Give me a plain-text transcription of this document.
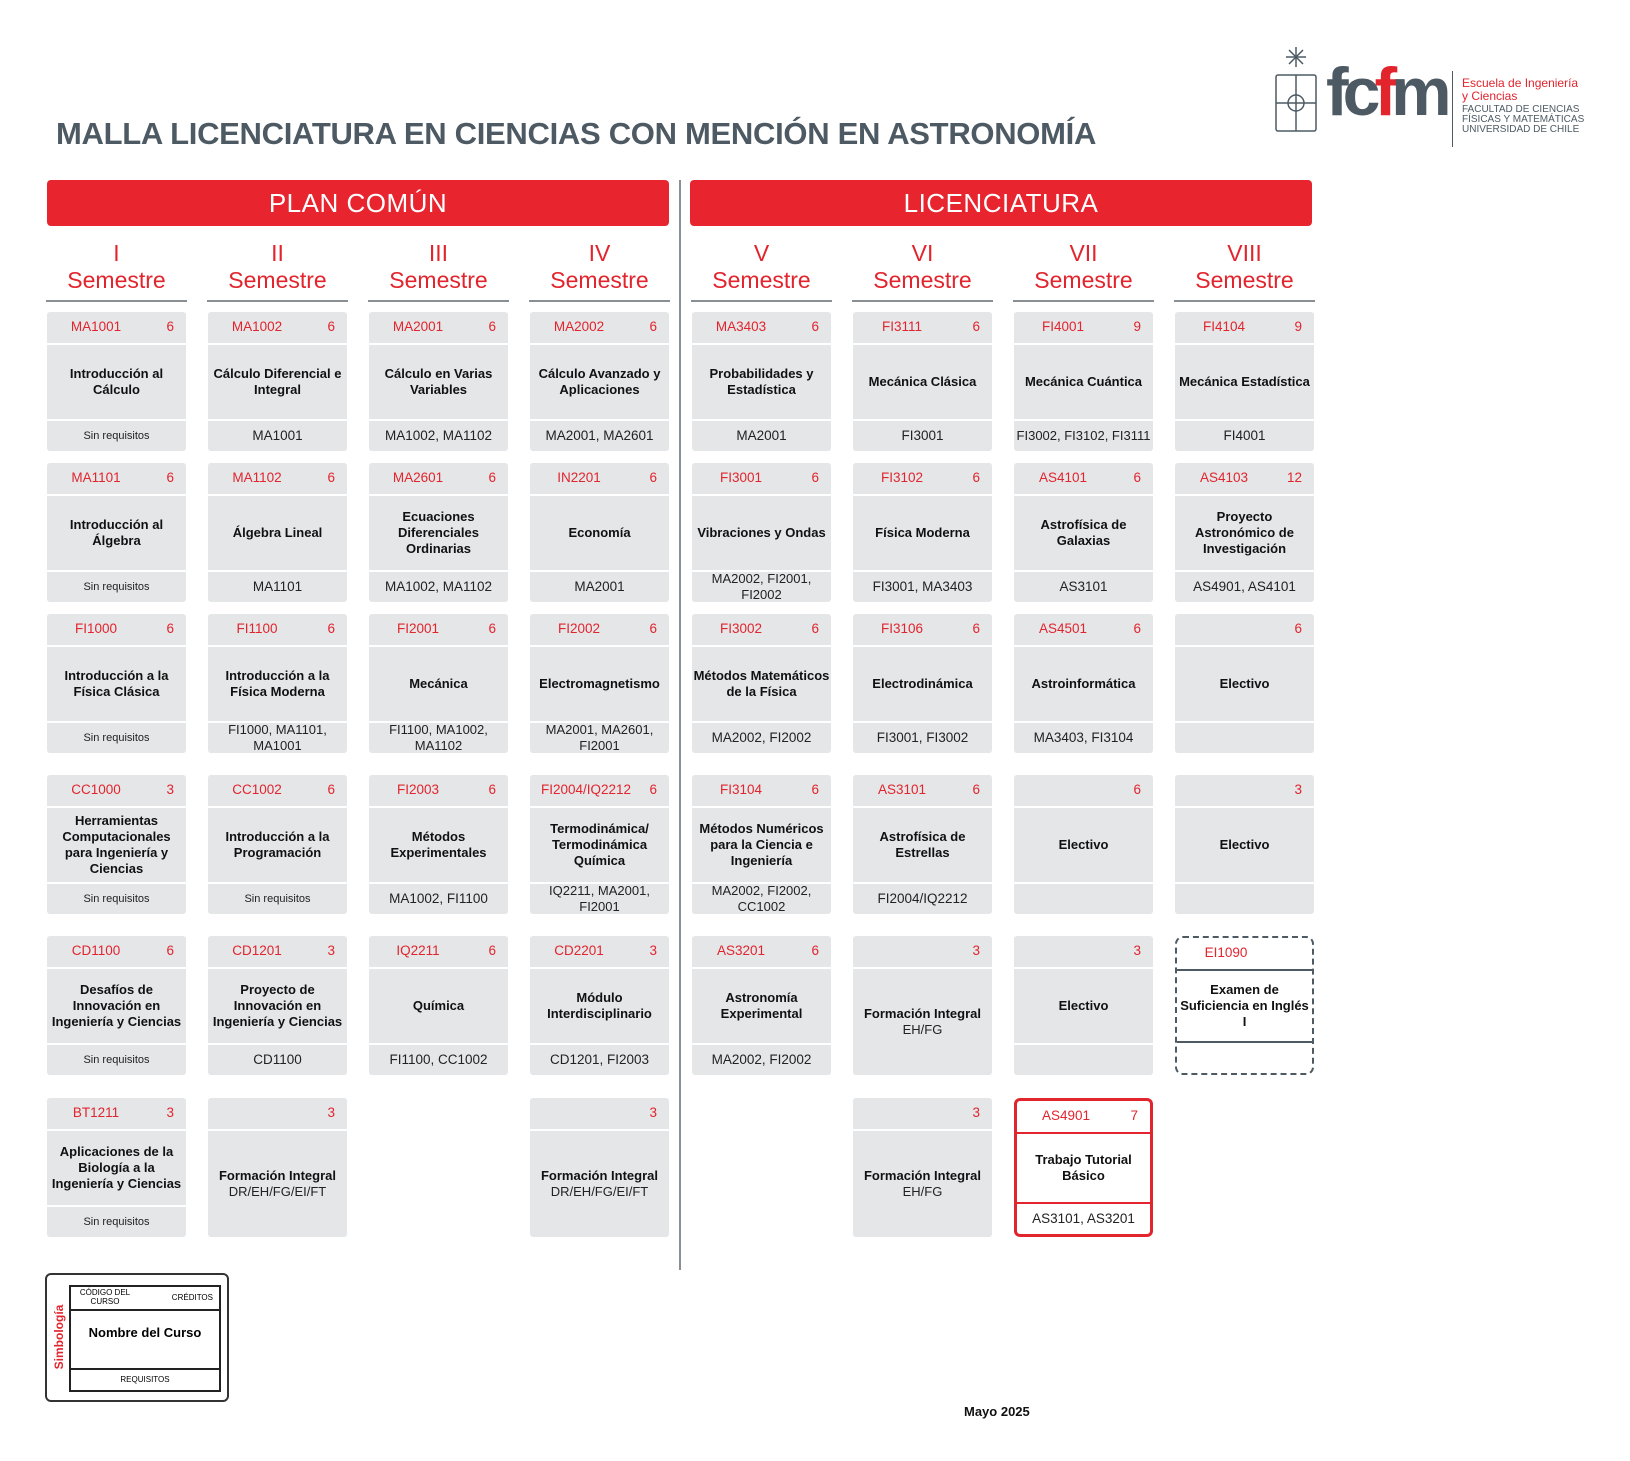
MALLA LICENCIATURA EN CIENCIAS CON MENCIÓN EN ASTRONOMÍA
fcfm Escuela de Ingeniería
y Ciencias
FACULTAD DE CIENCIAS
FÍSICAS Y MATEMÁTICAS
UNIVERSIDAD DE CHILE
PLAN COMÚN	LICENCIATURA
I
Semestre
II
Semestre
III
Semestre
IV
Semestre
V
Semestre
VI
Semestre
VII
Semestre
VIII
Semestre
MA1001	6
Introducción al Cálculo
Sin requisitos
MA1101	6
Introducción al Álgebra
Sin requisitos
FI1000	6
Introducción a la Física Clásica
Sin requisitos
CC1000	3
Herramientas Computacionales para Ingeniería y Ciencias
Sin requisitos
CD1100	6
Desafíos de Innovación en Ingeniería y Ciencias
Sin requisitos
BT1211	3
Aplicaciones de la Biología a la Ingeniería y Ciencias
Sin requisitos
MA1002	6
Cálculo Diferencial e Integral
MA1001
MA1102	6
Álgebra Lineal
MA1101
FI1100	6
Introducción a la Física Moderna
FI1000, MA1101, MA1001
CC1002	6
Introducción a la Programación
Sin requisitos
CD1201	3
Proyecto de Innovación en Ingeniería y Ciencias
CD1100
3
Formación Integral
DR/EH/FG/EI/FT
MA2001	6
Cálculo en Varias Variables
MA1002, MA1102
MA2601	6
Ecuaciones Diferenciales Ordinarias
MA1002, MA1102
FI2001	6
Mecánica
FI1100, MA1002, MA1102
FI2003	6
Métodos Experimentales
MA1002, FI1100
IQ2211	6
Química
FI1100, CC1002
MA2002	6
Cálculo Avanzado y Aplicaciones
MA2001, MA2601
IN2201	6
Economía
MA2001
FI2002	6
Electromagnetismo
MA2001, MA2601, FI2001
FI2004/IQ2212	6
Termodinámica/ Termodinámica Química
IQ2211, MA2001, FI2001
CD2201	3
Módulo Interdisciplinario
CD1201, FI2003
3
Formación Integral
DR/EH/FG/EI/FT
MA3403	6
Probabilidades y Estadística
MA2001
FI3001	6
Vibraciones y Ondas
MA2002, FI2001, FI2002
FI3002	6
Métodos Matemáticos de la Física
MA2002, FI2002
FI3104	6
Métodos Numéricos para la Ciencia e Ingeniería
MA2002, FI2002, CC1002
AS3201	6
Astronomía Experimental
MA2002, FI2002
FI3111	6
Mecánica Clásica
FI3001
FI3102	6
Física Moderna
FI3001, MA3403
FI3106	6
Electrodinámica
FI3001, FI3002
AS3101	6
Astrofísica de Estrellas
FI2004/IQ2212
3
Formación Integral
EH/FG
3
Formación Integral
EH/FG
FI4001	9
Mecánica Cuántica
FI3002, FI3102, FI3111
AS4101	6
Astrofísica de Galaxias
AS3101
AS4501	6
Astroinformática
MA3403, FI3104
6
Electivo
3
Electivo
AS4901	7
Trabajo Tutorial Básico
AS3101, AS3201
FI4104	9
Mecánica Estadística
FI4001
AS4103	12
Proyecto Astronómico de Investigación
AS4901, AS4101
6
Electivo
3
Electivo
EI1090
Examen de Suficiencia en Inglés I
Simbología
CÓDIGO DEL CURSO	CRÉDITOS
Nombre del Curso
REQUISITOS
Mayo 2025
